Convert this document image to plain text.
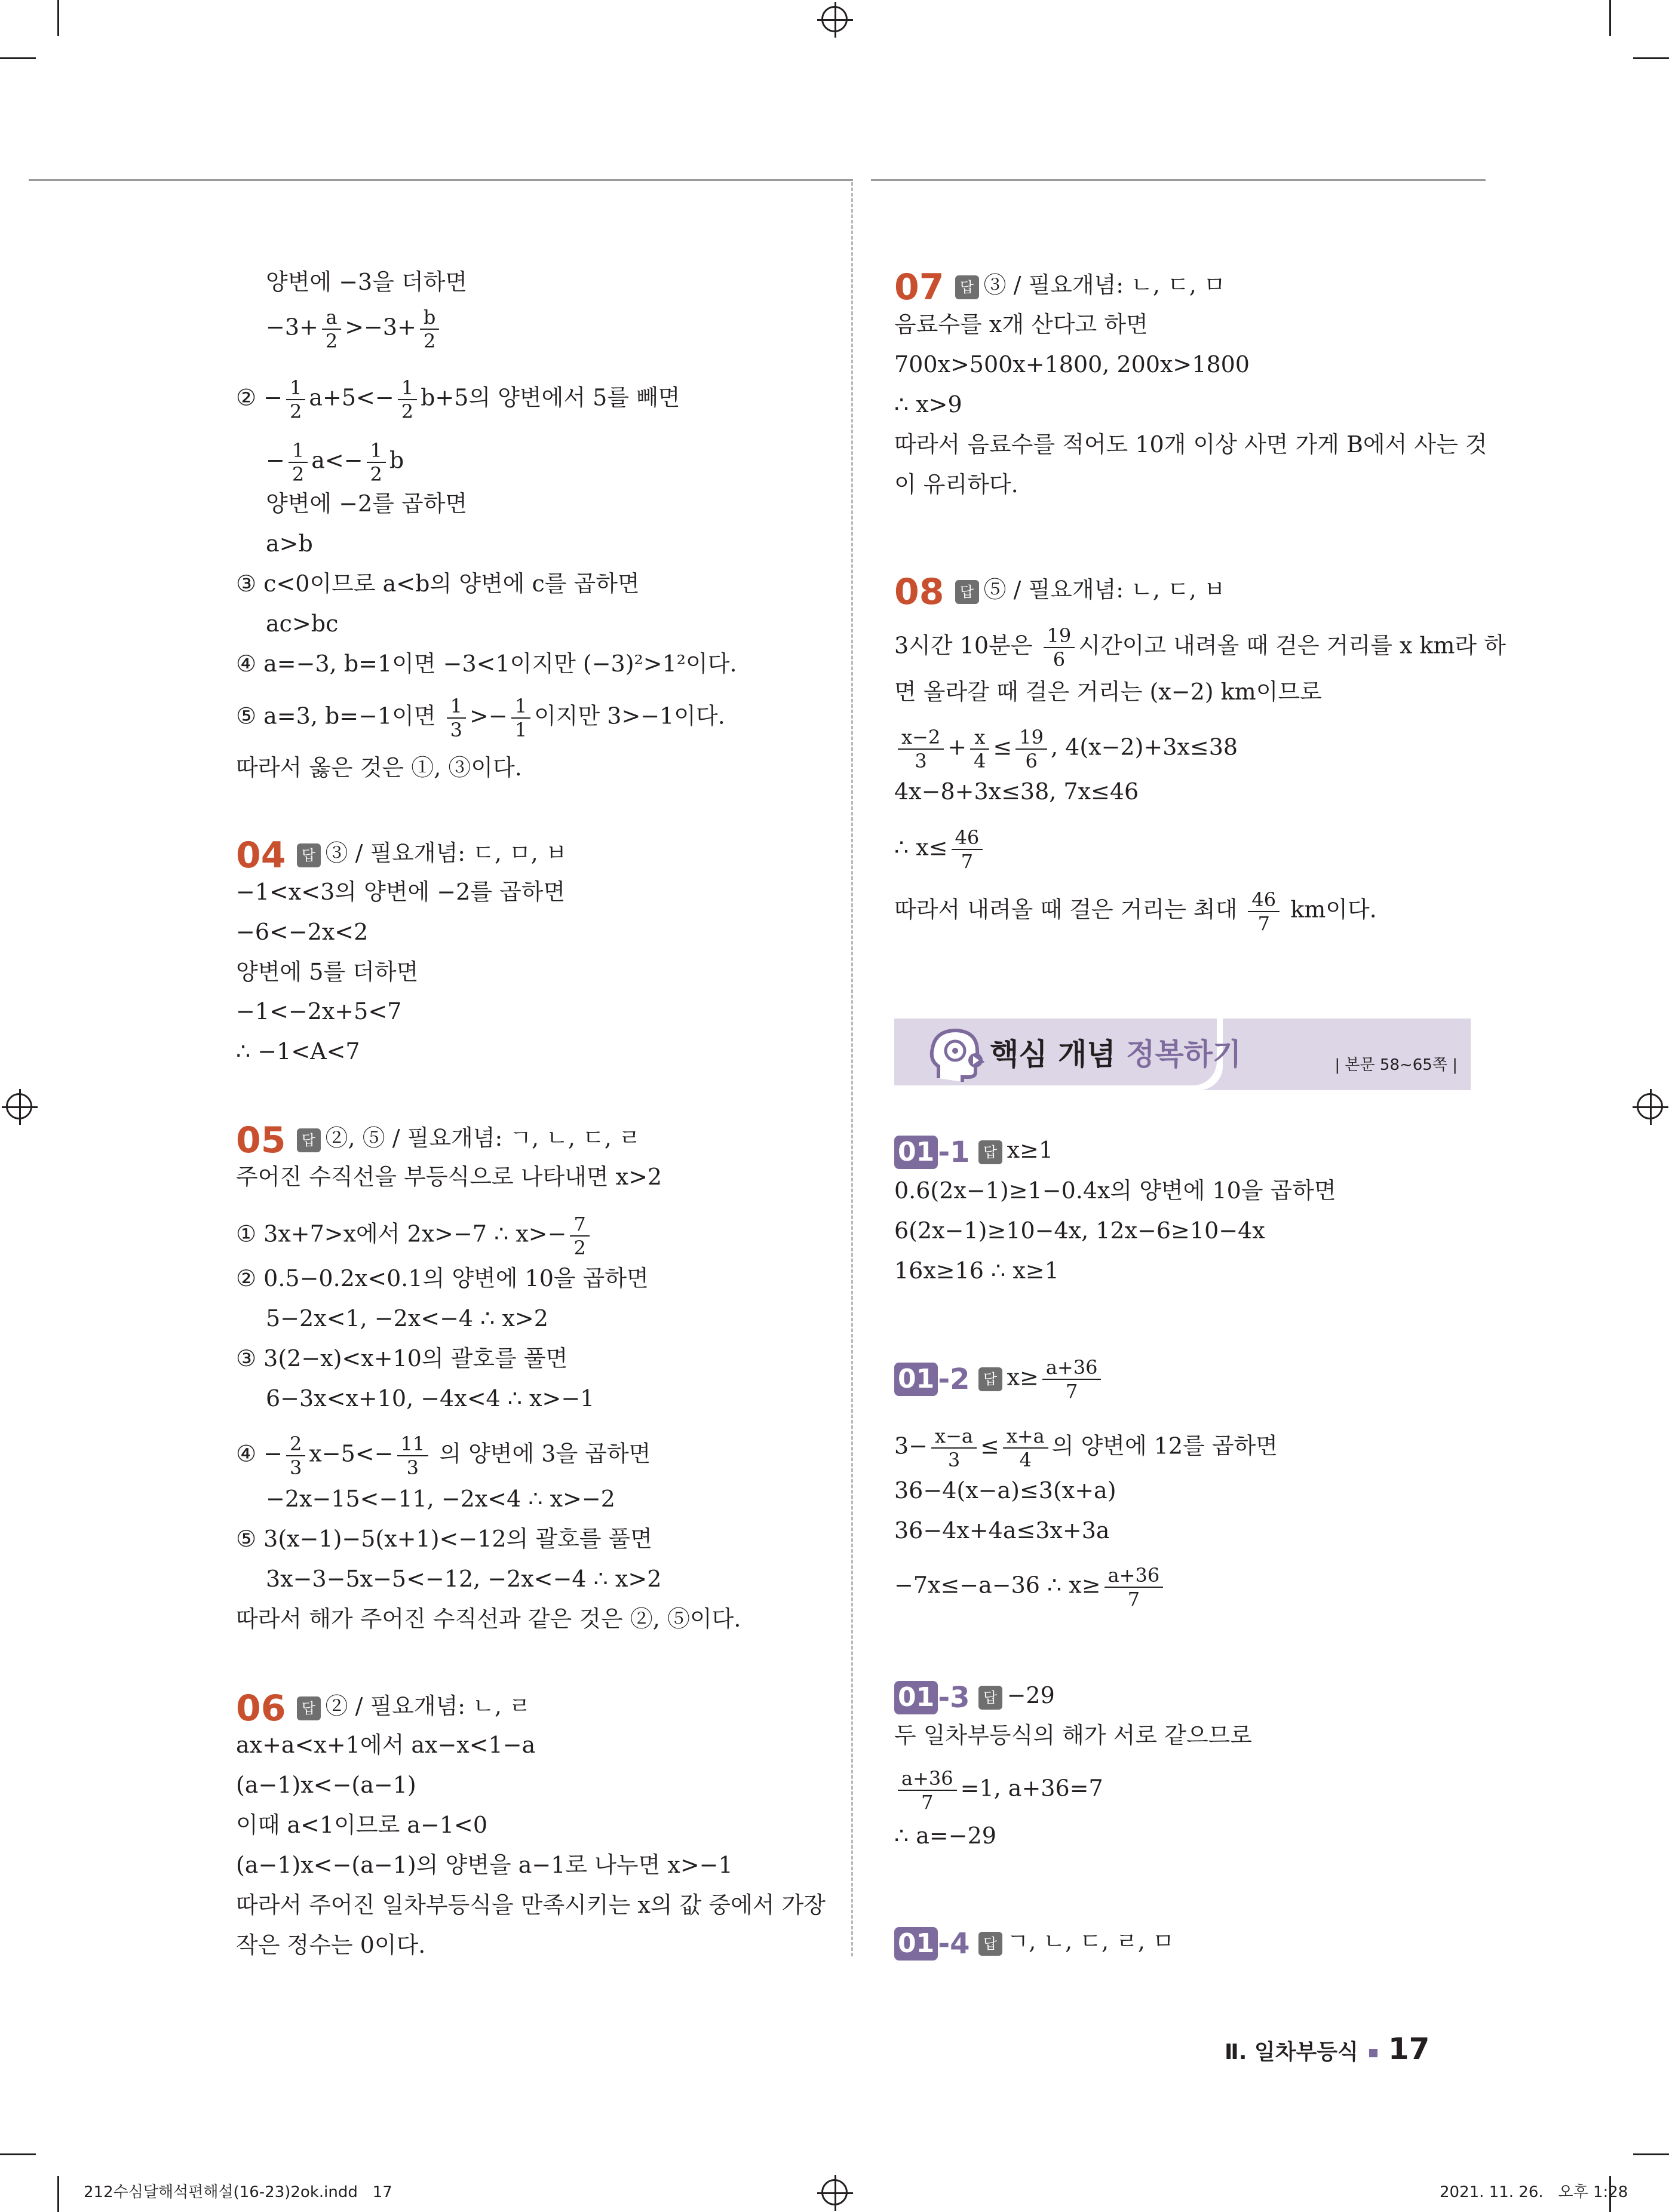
양변에 −3을 더하면
$-3+ \frac{a}{2} >-3+ \frac{b}{2}$
② − $\frac{1}{2} a+5<- \frac{1}{2} b+5$의 양변에서 5를 빼면
− $\frac{1}{2} a<- \frac{1}{2}$ b
양변에 −2를 곱하면
a>b
③ c<0이므로 a<b의 양변에 c를 곱하면
ac>bc
④ a=−3, b=1이면 −3<1이지만 (−3)²>1²이다.
⑤ a=3, b=−1이면 $\frac{1}{3} >- \frac{1}{1}$ 이지만 3>−1이다.
따라서 옳은 것은 ①, ③이다.
04 답 ③ / 필요개념: ㄷ, ㅁ, ㅂ
−1<x<3의 양변에 −2를 곱하면
−6<−2x<2
양변에 5를 더하면
−1<−2x+5<7
∴ −1<A<7
05 답 ②, ⑤ / 필요개념: ㄱ, ㄴ, ㄷ, ㄹ
주어진 수직선을 부등식으로 나타내면 x>2
① 3x+7>x에서 2x>−7 ∴ $x>- \frac{7}{2}$
② 0.5−0.2x<0.1의 양변에 10을 곱하면
5−2x<1, −2x<−4 ∴ x>2
③ 3(2−x)<x+10의 괄호를 풀면
6−3x<x+10, −4x<4 ∴ x>−1
④ − $\frac{2}{3} x-5<- \frac{11}{3}$ 의 양변에 3을 곱하면
−2x−15<−11, −2x<4 ∴ x>−2
⑤ 3(x−1)−5(x+1)<−12의 괄호를 풀면
3x−3−5x−5<−12, −2x<−4 ∴ x>2
따라서 해가 주어진 수직선과 같은 것은 ②, ⑤이다.
06 답 ② / 필요개념: ㄴ, ㄹ
ax+a<x+1에서 ax−x<1−a
(a−1)x<−(a−1)
이때 a<1이므로 a−1<0
(a−1)x<−(a−1)의 양변을 a−1로 나누면 x>−1
따라서 주어진 일차부등식을 만족시키는 x의 값 중에서 가장
작은 정수는 0이다.
07 답 ③ / 필요개념: ㄴ, ㄷ, ㅁ
음료수를 x개 산다고 하면
700x>500x+1800, 200x>1800
∴ x>9
따라서 음료수를 적어도 10개 이상 사면 가게 B에서 사는 것
이 유리하다.
08 답 ⑤ / 필요개념: ㄴ, ㄷ, ㅂ
3시간 10분은 $\frac{19}{6}$ 시간이고 내려올 때 걷은 거리를 x km라 하
면 올라갈 때 걸은 거리는 (x−2) km이므로
$\frac{x-2}{3} + \frac{x}{4} \le \frac{19}{6}$ , 4(x−2)+3x≤38
4x−8+3x≤38, 7x≤46
∴ $x\le \frac{46}{7}$
따라서 내려올 때 걸은 거리는 최대 $\frac{46}{7}$ km이다.
핵심 개념 정복하기	| 본문 58~65쪽 |
01 -1 답 x≥1
0.6(2x−1)≥1−0.4x의 양변에 10을 곱하면
6(2x−1)≥10−4x, 12x−6≥10−4x
16x≥16 ∴ x≥1
01 -2 답 $x\ge \frac{a+36}{7}$
$3- \frac{x-a}{3} \le \frac{x+a}{4}$ 의 양변에 12를 곱하면
36−4(x−a)≤3(x+a)
36−4x+4a≤3x+3a
−7x≤−a−36 ∴ $x\ge \frac{a+36}{7}$
01 -3 답 −29
두 일차부등식의 해가 서로 같으므로
$\frac{a+36}{7} =1$, a+36=7
∴ a=−29
01 -4 답 ㄱ, ㄴ, ㄷ, ㄹ, ㅁ
Ⅱ. 일차부등식 17
212수심달해석편해설(16-23)2ok.indd   17	2021. 11. 26.   오후 1:28
